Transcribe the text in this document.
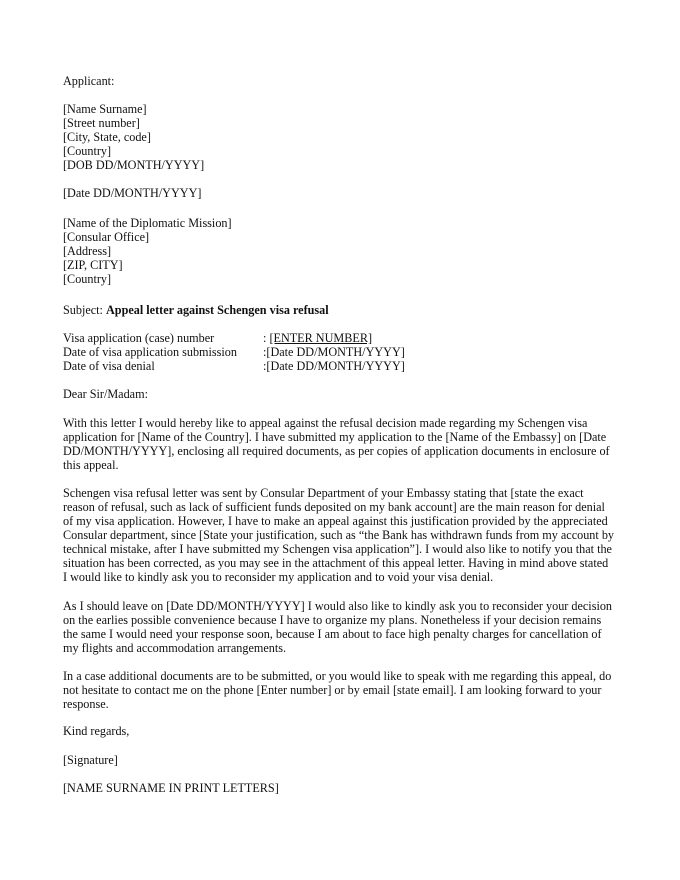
Applicant:
[Name Surname]
[Street number]
[City, State, code]
[Country]
[DOB DD/MONTH/YYYY]
[Date DD/MONTH/YYYY]
[Name of the Diplomatic Mission]
[Consular Office]
[Address]
[ZIP, CITY]
[Country]
Subject: Appeal letter against Schengen visa refusal
Visa application (case) number	: [ENTER NUMBER]
Date of visa application submission :[Date DD/MONTH/YYYY]
Date of visa denial	:[Date DD/MONTH/YYYY]
Dear Sir/Madam:
With this letter I would hereby like to appeal against the refusal decision made regarding my Schengen visa
application for [Name of the Country]. I have submitted my application to the [Name of the Embassy] on [Date
DD/MONTH/YYYY], enclosing all required documents, as per copies of application documents in enclosure of
this appeal.
Schengen visa refusal letter was sent by Consular Department of your Embassy stating that [state the exact
reason of refusal, such as lack of sufficient funds deposited on my bank account] are the main reason for denial
of my visa application. However, I have to make an appeal against this justification provided by the appreciated
Consular department, since [State your justification, such as “the Bank has withdrawn funds from my account by
technical mistake, after I have submitted my Schengen visa application”]. I would also like to notify you that the
situation has been corrected, as you may see in the attachment of this appeal letter. Having in mind above stated
I would like to kindly ask you to reconsider my application and to void your visa denial.
As I should leave on [Date DD/MONTH/YYYY] I would also like to kindly ask you to reconsider your decision
on the earlies possible convenience because I have to organize my plans. Nonetheless if your decision remains
the same I would need your response soon, because I am about to face high penalty charges for cancellation of
my flights and accommodation arrangements.
In a case additional documents are to be submitted, or you would like to speak with me regarding this appeal, do
not hesitate to contact me on the phone [Enter number] or by email [state email]. I am looking forward to your
response.
Kind regards,
[Signature]
[NAME SURNAME IN PRINT LETTERS]
